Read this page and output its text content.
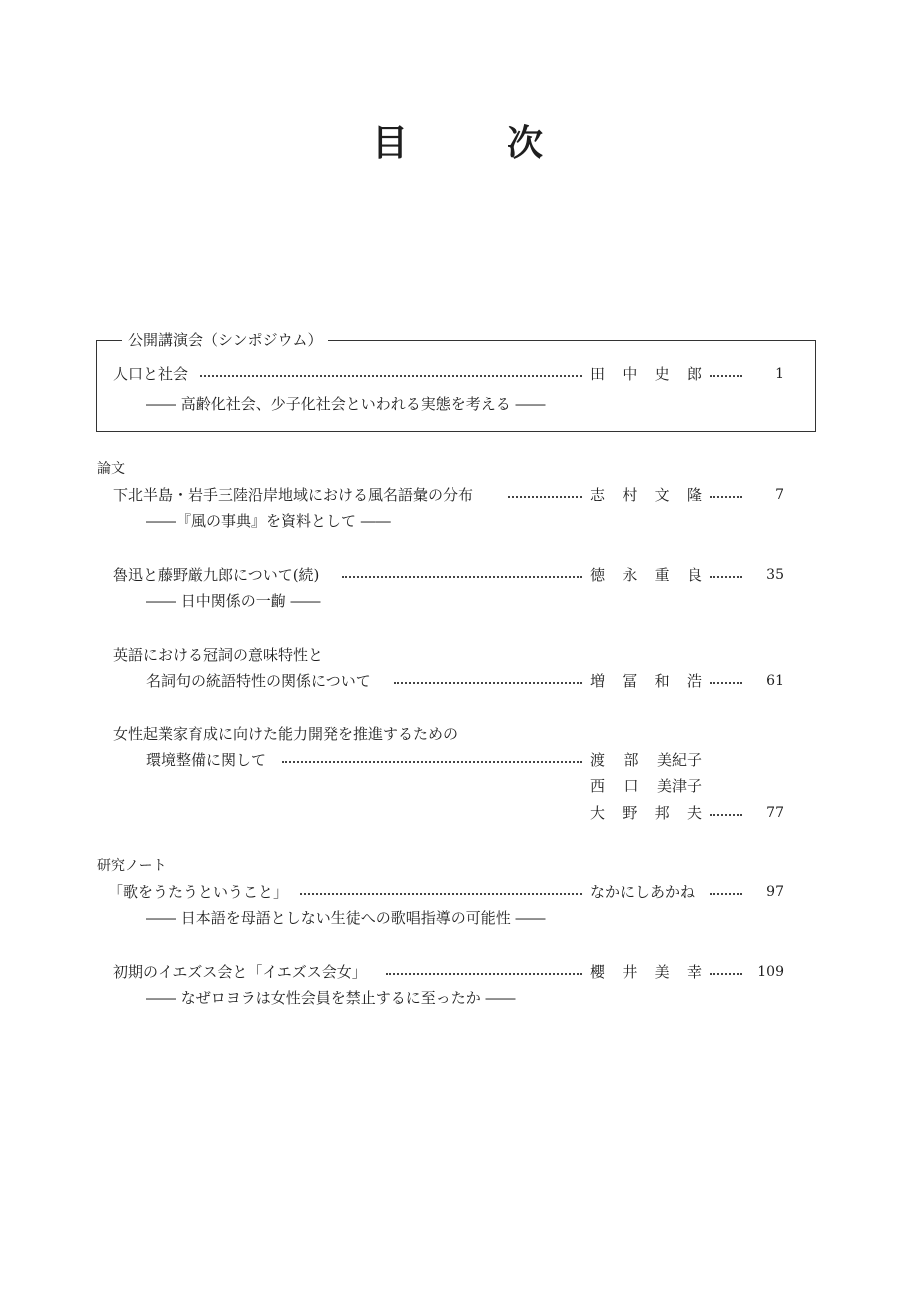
目	次
公開講演会（シンポジウム）
人口と社会	田 中 史 郎	1
―― 高齢化社会、少子化社会といわれる実態を考える ――
論文
下北半島・岩手三陸沿岸地域における風名語彙の分布	志 村 文 隆	7
――『風の事典』を資料として ――
魯迅と藤野厳九郎について(続)	徳 永 重 良	35
―― 日中関係の一齣 ――
英語における冠詞の意味特性と
名詞句の統語特性の関係について	増 冨 和 浩	61
女性起業家育成に向けた能力開発を推進するための
環境整備に関して	渡 部 美紀子
西 口 美津子
大 野 邦 夫	77
研究ノート
「歌をうたうということ」	なかにしあかね	97
―― 日本語を母語としない生徒への歌唱指導の可能性 ――
初期のイエズス会と「イエズス会女」	櫻 井 美 幸	109
―― なぜロヨラは女性会員を禁止するに至ったか ――
